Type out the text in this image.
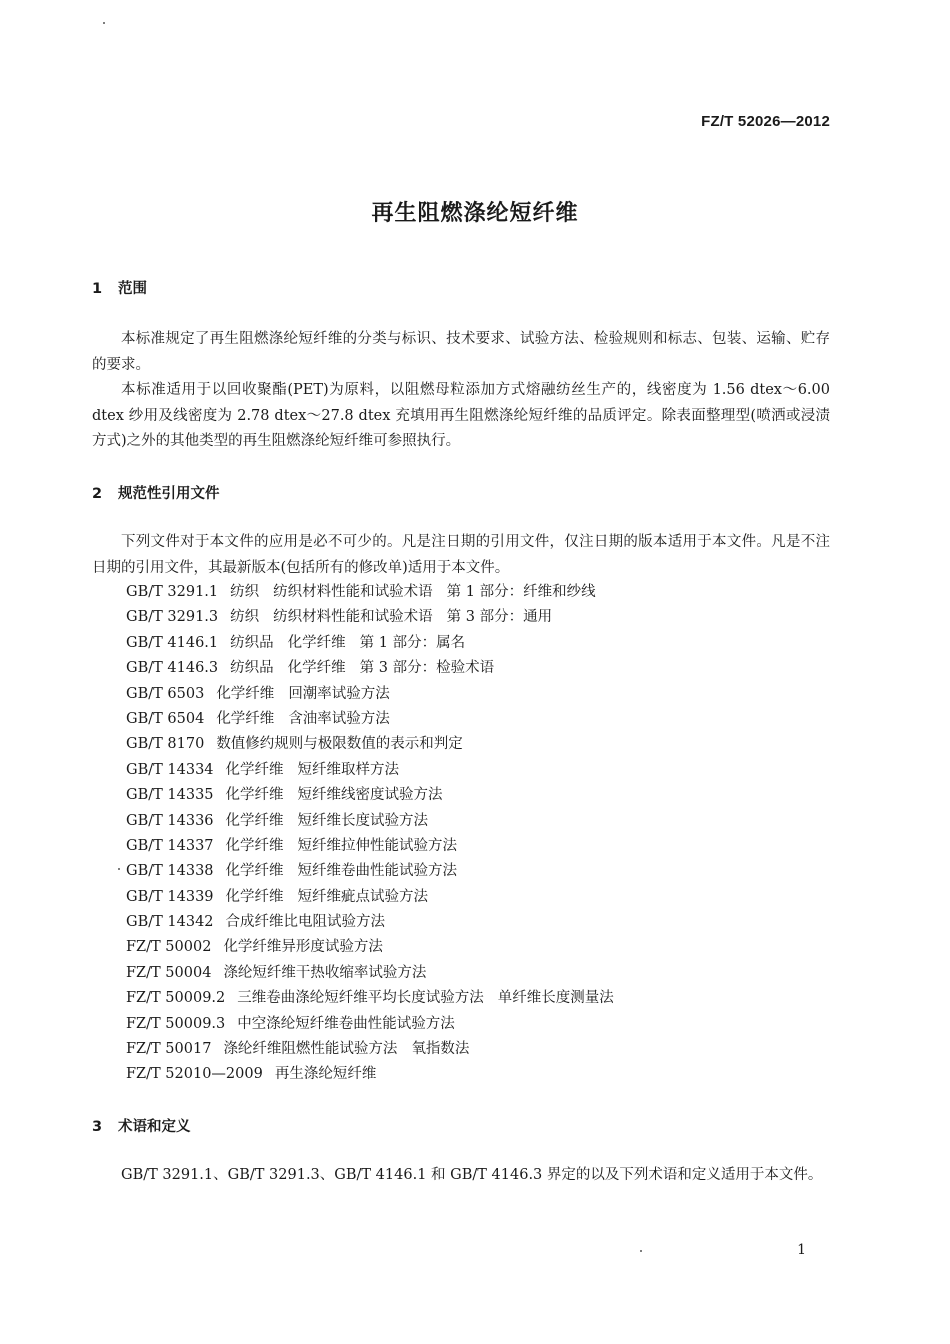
FZ/T 52026—2012
再生阻燃涤纶短纤维
1 范围

本标准规定了再生阻燃涤纶短纤维的分类与标识、技术要求、试验方法、检验规则和标志、包装、运输、贮存的要求。

本标准适用于以回收聚酯(PET)为原料，以阻燃母粒添加方式熔融纺丝生产的，线密度为 1.56 dtex～6.00 dtex 纱用及线密度为 2.78 dtex～27.8 dtex 充填用再生阻燃涤纶短纤维的品质评定。除表面整理型(喷洒或浸渍方式)之外的其他类型的再生阻燃涤纶短纤维可参照执行。

2 规范性引用文件

下列文件对于本文件的应用是必不可少的。凡是注日期的引用文件，仅注日期的版本适用于本文件。凡是不注日期的引用文件，其最新版本(包括所有的修改单)适用于本文件。

GB/T 3291.1 纺织 纺织材料性能和试验术语 第 1 部分：纤维和纱线
GB/T 3291.3 纺织 纺织材料性能和试验术语 第 3 部分：通用
GB/T 4146.1 纺织品 化学纤维 第 1 部分：属名
GB/T 4146.3 纺织品 化学纤维 第 3 部分：检验术语
GB/T 6503 化学纤维 回潮率试验方法
GB/T 6504 化学纤维 含油率试验方法
GB/T 8170 数值修约规则与极限数值的表示和判定
GB/T 14334 化学纤维 短纤维取样方法
GB/T 14335 化学纤维 短纤维线密度试验方法
GB/T 14336 化学纤维 短纤维长度试验方法
GB/T 14337 化学纤维 短纤维拉伸性能试验方法
GB/T 14338 化学纤维 短纤维卷曲性能试验方法
GB/T 14339 化学纤维 短纤维疵点试验方法
GB/T 14342 合成纤维比电阻试验方法
FZ/T 50002 化学纤维异形度试验方法
FZ/T 50004 涤纶短纤维干热收缩率试验方法
FZ/T 50009.2 三维卷曲涤纶短纤维平均长度试验方法 单纤维长度测量法
FZ/T 50009.3 中空涤纶短纤维卷曲性能试验方法
FZ/T 50017 涤纶纤维阻燃性能试验方法 氧指数法
FZ/T 52010—2009 再生涤纶短纤维
3 术语和定义

GB/T 3291.1、GB/T 3291.3、GB/T 4146.1 和 GB/T 4146.3 界定的以及下列术语和定义适用于本文件。

1
